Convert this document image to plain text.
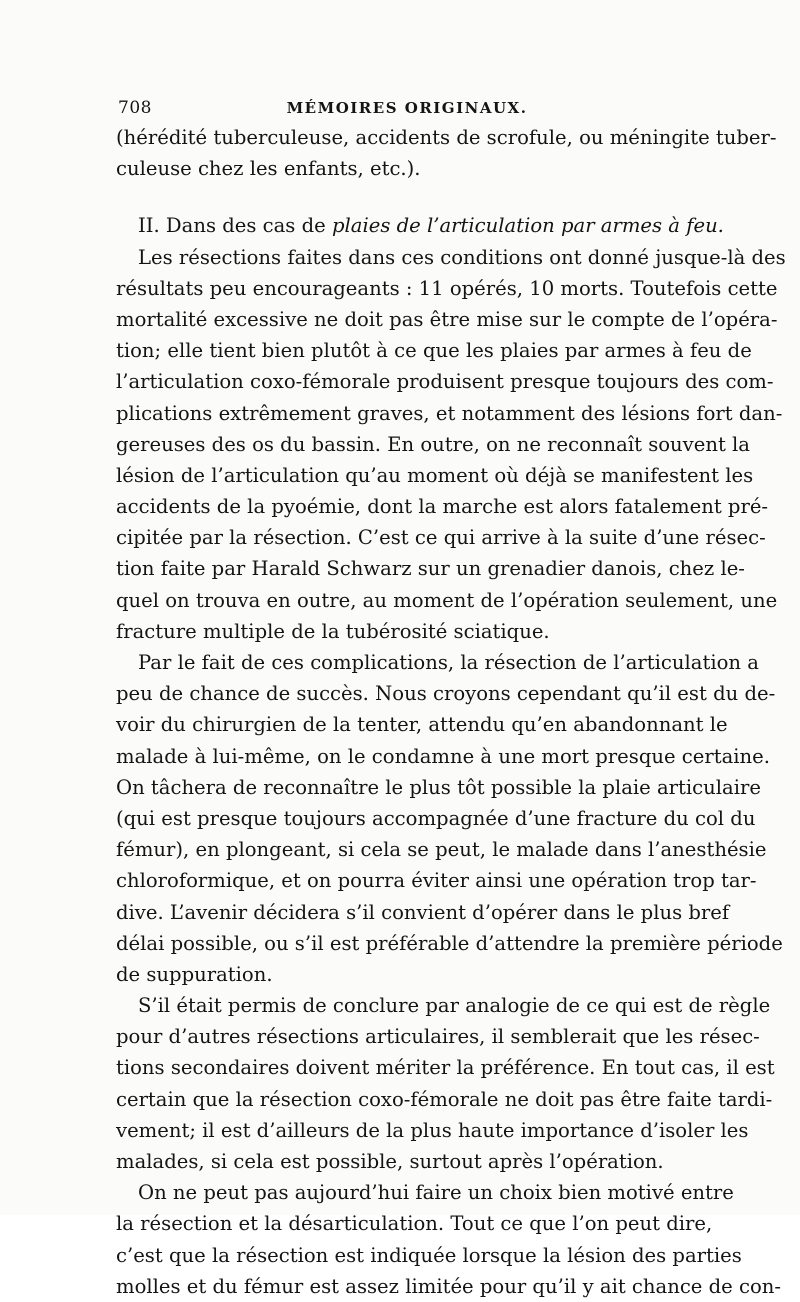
708	MÉMOIRES ORIGINAUX.
(hérédité tuberculeuse, accidents de scrofule, ou méningite tuber-
culeuse chez les enfants, etc.).
II. Dans des cas de plaies de l’articulation par armes à feu.
Les résections faites dans ces conditions ont donné jusque-là des
résultats peu encourageants : 11 opérés, 10 morts. Toutefois cette
mortalité excessive ne doit pas être mise sur le compte de l’opéra-
tion; elle tient bien plutôt à ce que les plaies par armes à feu de
l’articulation coxo-fémorale produisent presque toujours des com-
plications extrêmement graves, et notamment des lésions fort dan-
gereuses des os du bassin. En outre, on ne reconnaît souvent la
lésion de l’articulation qu’au moment où déjà se manifestent les
accidents de la pyoémie, dont la marche est alors fatalement pré-
cipitée par la résection. C’est ce qui arrive à la suite d’une résec-
tion faite par Harald Schwarz sur un grenadier danois, chez le-
quel on trouva en outre, au moment de l’opération seulement, une
fracture multiple de la tubérosité sciatique.
Par le fait de ces complications, la résection de l’articulation a
peu de chance de succès. Nous croyons cependant qu’il est du de-
voir du chirurgien de la tenter, attendu qu’en abandonnant le
malade à lui-même, on le condamne à une mort presque certaine.
On tâchera de reconnaître le plus tôt possible la plaie articulaire
(qui est presque toujours accompagnée d’une fracture du col du
fémur), en plongeant, si cela se peut, le malade dans l’anesthésie
chloroformique, et on pourra éviter ainsi une opération trop tar-
dive. L’avenir décidera s’il convient d’opérer dans le plus bref
délai possible, ou s’il est préférable d’attendre la première période
de suppuration.
S’il était permis de conclure par analogie de ce qui est de règle
pour d’autres résections articulaires, il semblerait que les résec-
tions secondaires doivent mériter la préférence. En tout cas, il est
certain que la résection coxo-fémorale ne doit pas être faite tardi-
vement; il est d’ailleurs de la plus haute importance d’isoler les
malades, si cela est possible, surtout après l’opération.
On ne peut pas aujourd’hui faire un choix bien motivé entre
la résection et la désarticulation. Tout ce que l’on peut dire,
c’est que la résection est indiquée lorsque la lésion des parties
molles et du fémur est assez limitée pour qu’il y ait chance de con-
